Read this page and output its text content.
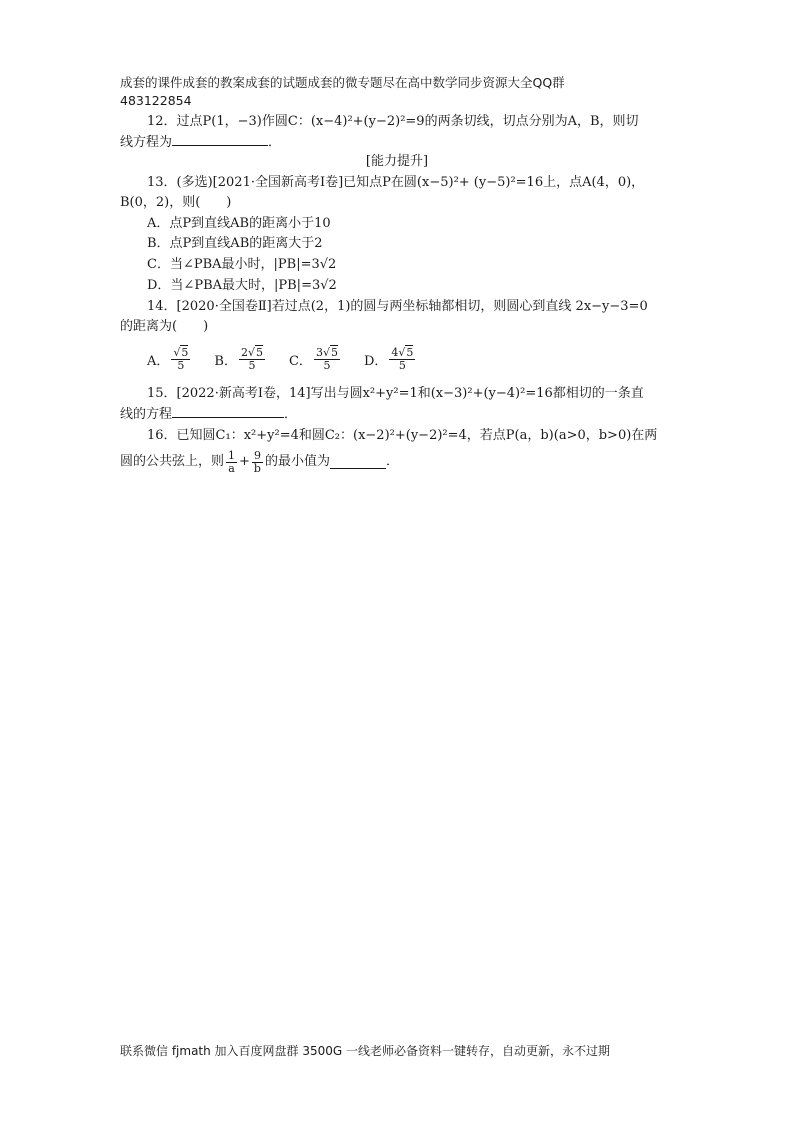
成套的课件成套的教案成套的试题成套的微专题尽在高中数学同步资源大全QQ群
483122854
12．过点P(1，−3)作圆C：(x−4)²+(y−2)²=9的两条切线，切点分别为A，B，则切
线方程为	．
[能力提升]
13．(多选)[2021·全国新高考Ⅰ卷]已知点P在圆(x−5)²+ (y−5)²=16上，点A(4，0)，
B(0，2)，则(　　)
A．点P到直线AB的距离小于10
B．点P到直线AB的距离大于2
C．当∠PBA最小时，|PB|=3√2
D．当∠PBA最大时，|PB|=3√2
14．[2020·全国卷Ⅱ]若过点(2，1)的圆与两坐标轴都相切，则圆心到直线 2x−y−3=0
的距离为(　　)
A． $\frac{√5}{5}$ B． $\frac{2√5}{5}$ C． $\frac{3√5}{5}$ D． $\frac{4√5}{5}$
15．[2022·新高考Ⅰ卷，14]写出与圆x²+y²=1和(x−3)²+(y−4)²=16都相切的一条直
线的方程	．
16．已知圆C₁：x²+y²=4和圆C₂：(x−2)²+(y−2)²=4，若点P(a，b)(a>0，b>0)在两
圆的公共弦上，则 $\frac{1}{a} + \frac{9}{b}$ 的最小值为	．
联系微信 fjmath 加入百度网盘群 3500G 一线老师必备资料一键转存，自动更新，永不过期
